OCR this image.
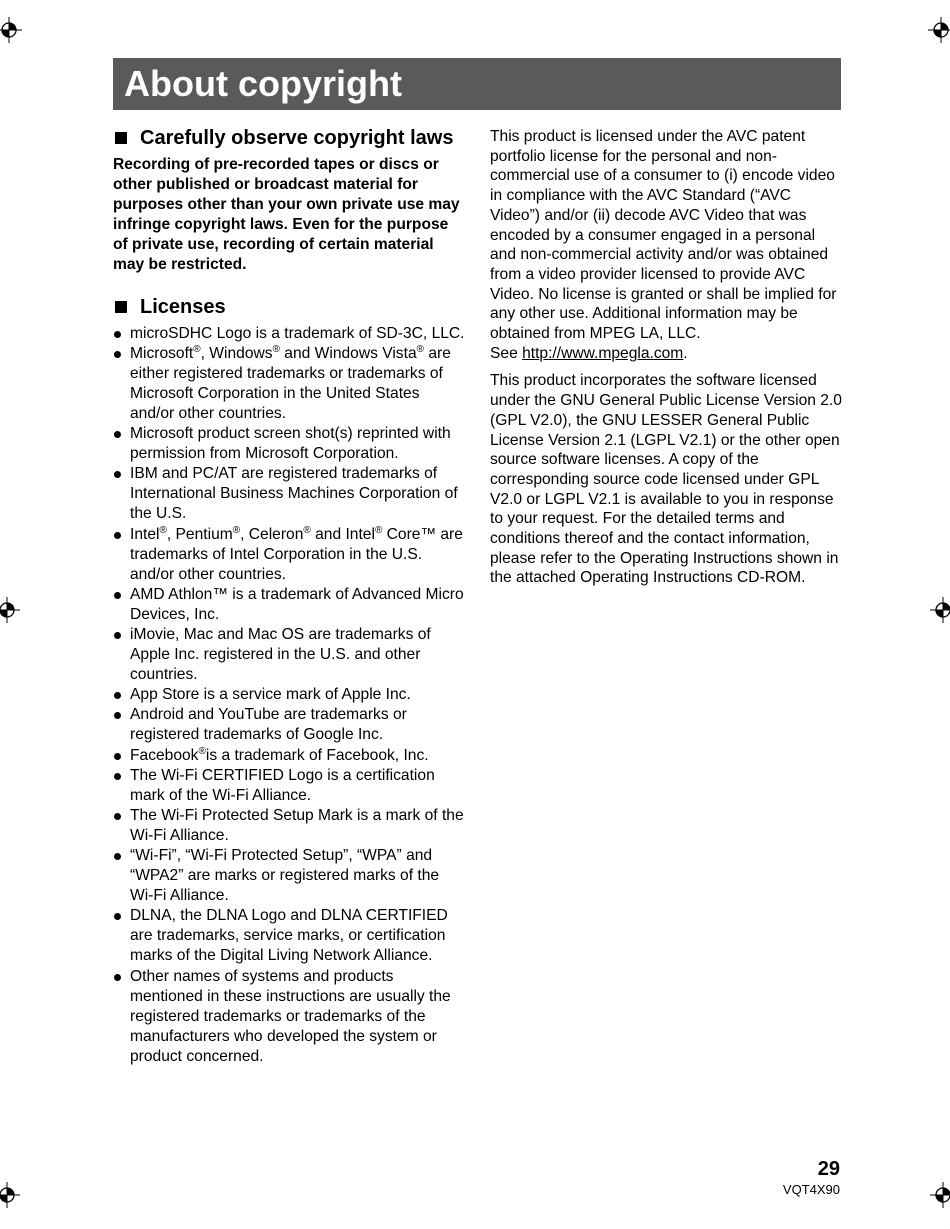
About copyright
Carefully observe copyright laws
Recording of pre-recorded tapes or discs or other published or broadcast material for purposes other than your own private use may infringe copyright laws. Even for the purpose of private use, recording of certain material may be restricted.
Licenses
microSDHC Logo is a trademark of SD-3C, LLC.
Microsoft®, Windows® and Windows Vista® are either registered trademarks or trademarks of Microsoft Corporation in the United States and/or other countries.
Microsoft product screen shot(s) reprinted with permission from Microsoft Corporation.
IBM and PC/AT are registered trademarks of International Business Machines Corporation of the U.S.
Intel®, Pentium®, Celeron® and Intel® Core™ are trademarks of Intel Corporation in the U.S. and/or other countries.
AMD Athlon™ is a trademark of Advanced Micro Devices, Inc.
iMovie, Mac and Mac OS are trademarks of Apple Inc. registered in the U.S. and other countries.
App Store is a service mark of Apple Inc.
Android and YouTube are trademarks or registered trademarks of Google Inc.
Facebook®is a trademark of Facebook, Inc.
The Wi-Fi CERTIFIED Logo is a certification mark of the Wi-Fi Alliance.
The Wi-Fi Protected Setup Mark is a mark of the Wi-Fi Alliance.
“Wi-Fi”, “Wi-Fi Protected Setup”, “WPA” and “WPA2” are marks or registered marks of the Wi-Fi Alliance.
DLNA, the DLNA Logo and DLNA CERTIFIED are trademarks, service marks, or certification marks of the Digital Living Network Alliance.
Other names of systems and products mentioned in these instructions are usually the registered trademarks or trademarks of the manufacturers who developed the system or product concerned.

This product is licensed under the AVC patent portfolio license for the personal and non-commercial use of a consumer to (i) encode video in compliance with the AVC Standard (“AVC Video”) and/or (ii) decode AVC Video that was encoded by a consumer engaged in a personal and non-commercial activity and/or was obtained from a video provider licensed to provide AVC Video. No license is granted or shall be implied for any other use. Additional information may be obtained from MPEG LA, LLC.
See http://www.mpegla.com.

This product incorporates the software licensed under the GNU General Public License Version 2.0 (GPL V2.0), the GNU LESSER General Public License Version 2.1 (LGPL V2.1) or the other open source software licenses. A copy of the corresponding source code licensed under GPL V2.0 or LGPL V2.1 is available to you in response to your request. For the detailed terms and conditions thereof and the contact information, please refer to the Operating Instructions shown in the attached Operating Instructions CD-ROM.

29
VQT4X90
